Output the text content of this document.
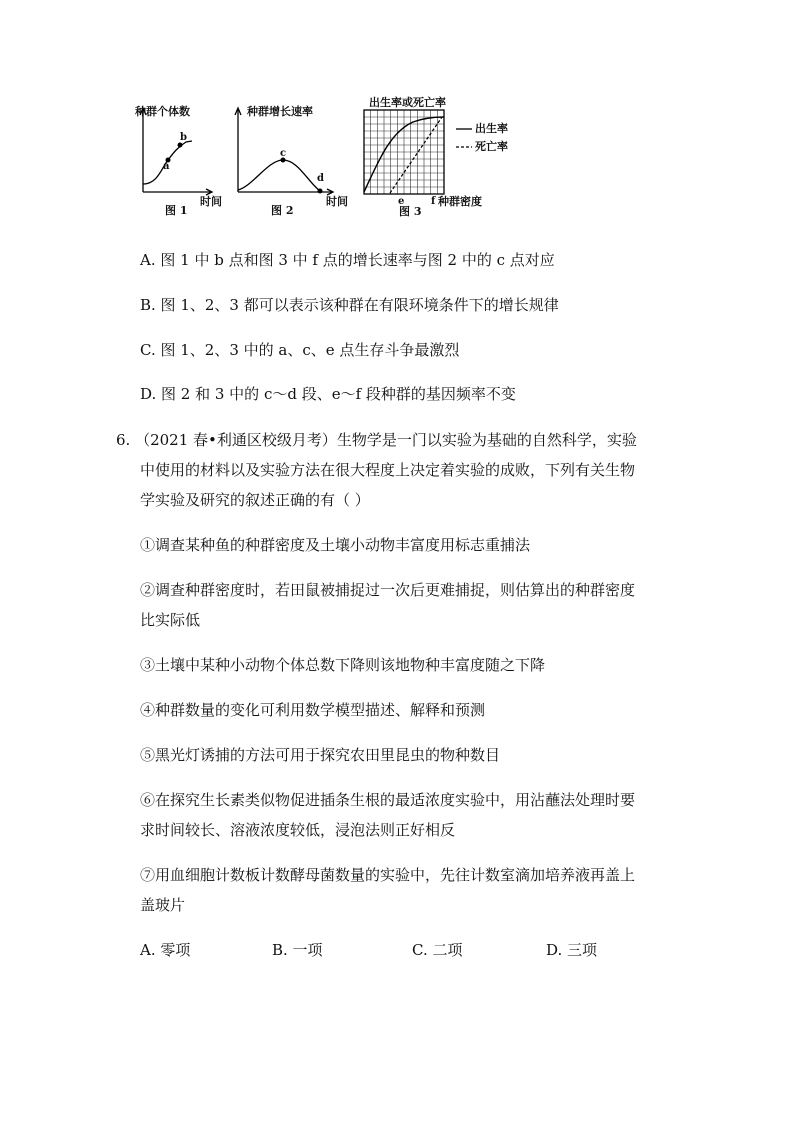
种群个体数
时间
图 1
a
b
种群增长速率
时间
图 2
c
d
出生率或死亡率
种群密度
图 3
e	f
出生率
死亡率
A. 图 1 中 b 点和图 3 中 f 点的增长速率与图 2 中的 c 点对应
B. 图 1、2、3 都可以表示该种群在有限环境条件下的增长规律
C. 图 1、2、3 中的 a、c、e 点生存斗争最激烈
D. 图 2 和 3 中的 c～d 段、e～f 段种群的基因频率不变
6. （2021 春•利通区校级月考）生物学是一门以实验为基础的自然科学，实验
中使用的材料以及实验方法在很大程度上决定着实验的成败，下列有关生物
学实验及研究的叙述正确的有（ ）
①调查某种鱼的种群密度及土壤小动物丰富度用标志重捕法
②调查种群密度时，若田鼠被捕捉过一次后更难捕捉，则估算出的种群密度
比实际低
③土壤中某种小动物个体总数下降则该地物种丰富度随之下降
④种群数量的变化可利用数学模型描述、解释和预测
⑤黑光灯诱捕的方法可用于探究农田里昆虫的物种数目
⑥在探究生长素类似物促进插条生根的最适浓度实验中，用沾蘸法处理时要
求时间较长、溶液浓度较低，浸泡法则正好相反
⑦用血细胞计数板计数酵母菌数量的实验中，先往计数室滴加培养液再盖上
盖玻片
A. 零项	B. 一项	C. 二项	D. 三项
